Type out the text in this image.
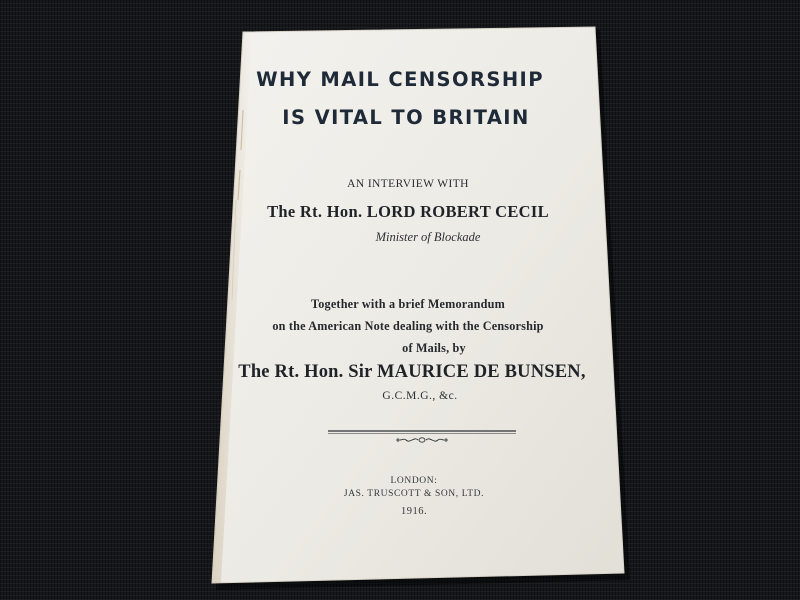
WHY MAIL CENSORSHIP
IS VITAL TO BRITAIN
AN INTERVIEW WITH
The Rt. Hon. LORD ROBERT CECIL
Minister of Blockade
Together with a brief Memorandum
on the American Note dealing with the Censorship
of Mails, by
The Rt. Hon. Sir MAURICE DE BUNSEN,
G.C.M.G., &c.
LONDON:
JAS. TRUSCOTT & SON, LTD.
1916.
